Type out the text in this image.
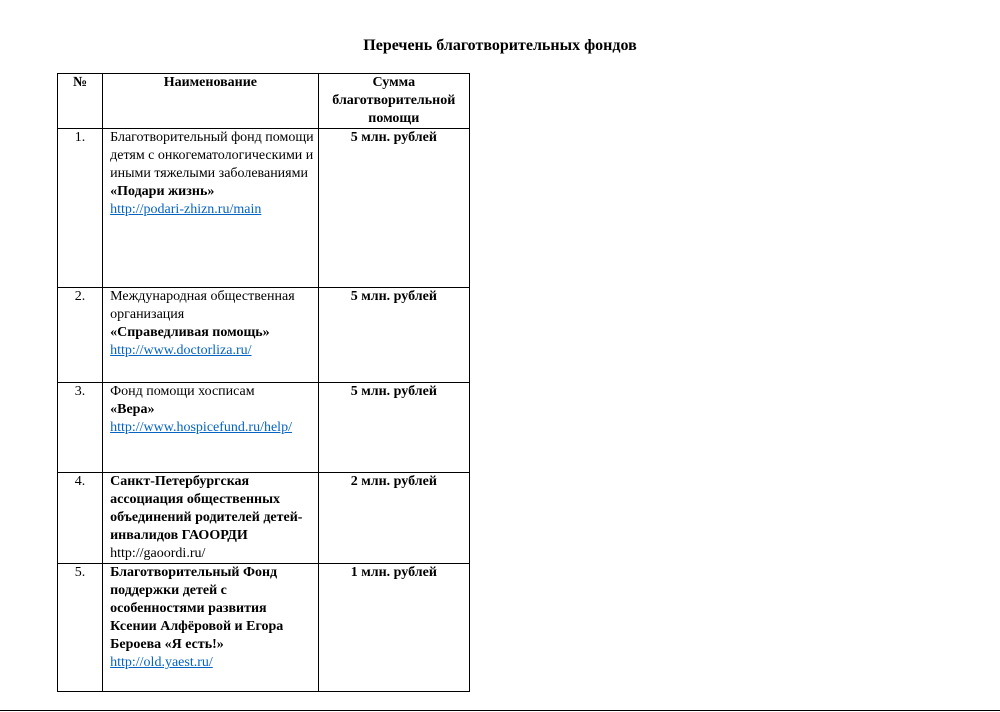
Перечень благотворительных фондов
№	Наименование	Сумма благотворительной помощи

1.	Благотворительный фонд помощи детям с онкогематологическими и иными тяжелыми заболеваниями
«Подари жизнь»
http://podari-zhizn.ru/main	5 млн. рублей
2.	Международная общественная организация
«Справедливая помощь»
http://www.doctorliza.ru/	5 млн. рублей
3.	Фонд помощи хосписам
«Вера»
http://www.hospicefund.ru/help/	5 млн. рублей
4.	Санкт-Петербургская ассоциация общественных объединений родителей детей-инвалидов ГАООРДИ
http://gaoordi.ru/	2 млн. рублей
5.	Благотворительный Фонд поддержки детей с особенностями развития Ксении Алфёровой и Егора Бероева «Я есть!»
http://old.yaest.ru/	1 млн. рублей
